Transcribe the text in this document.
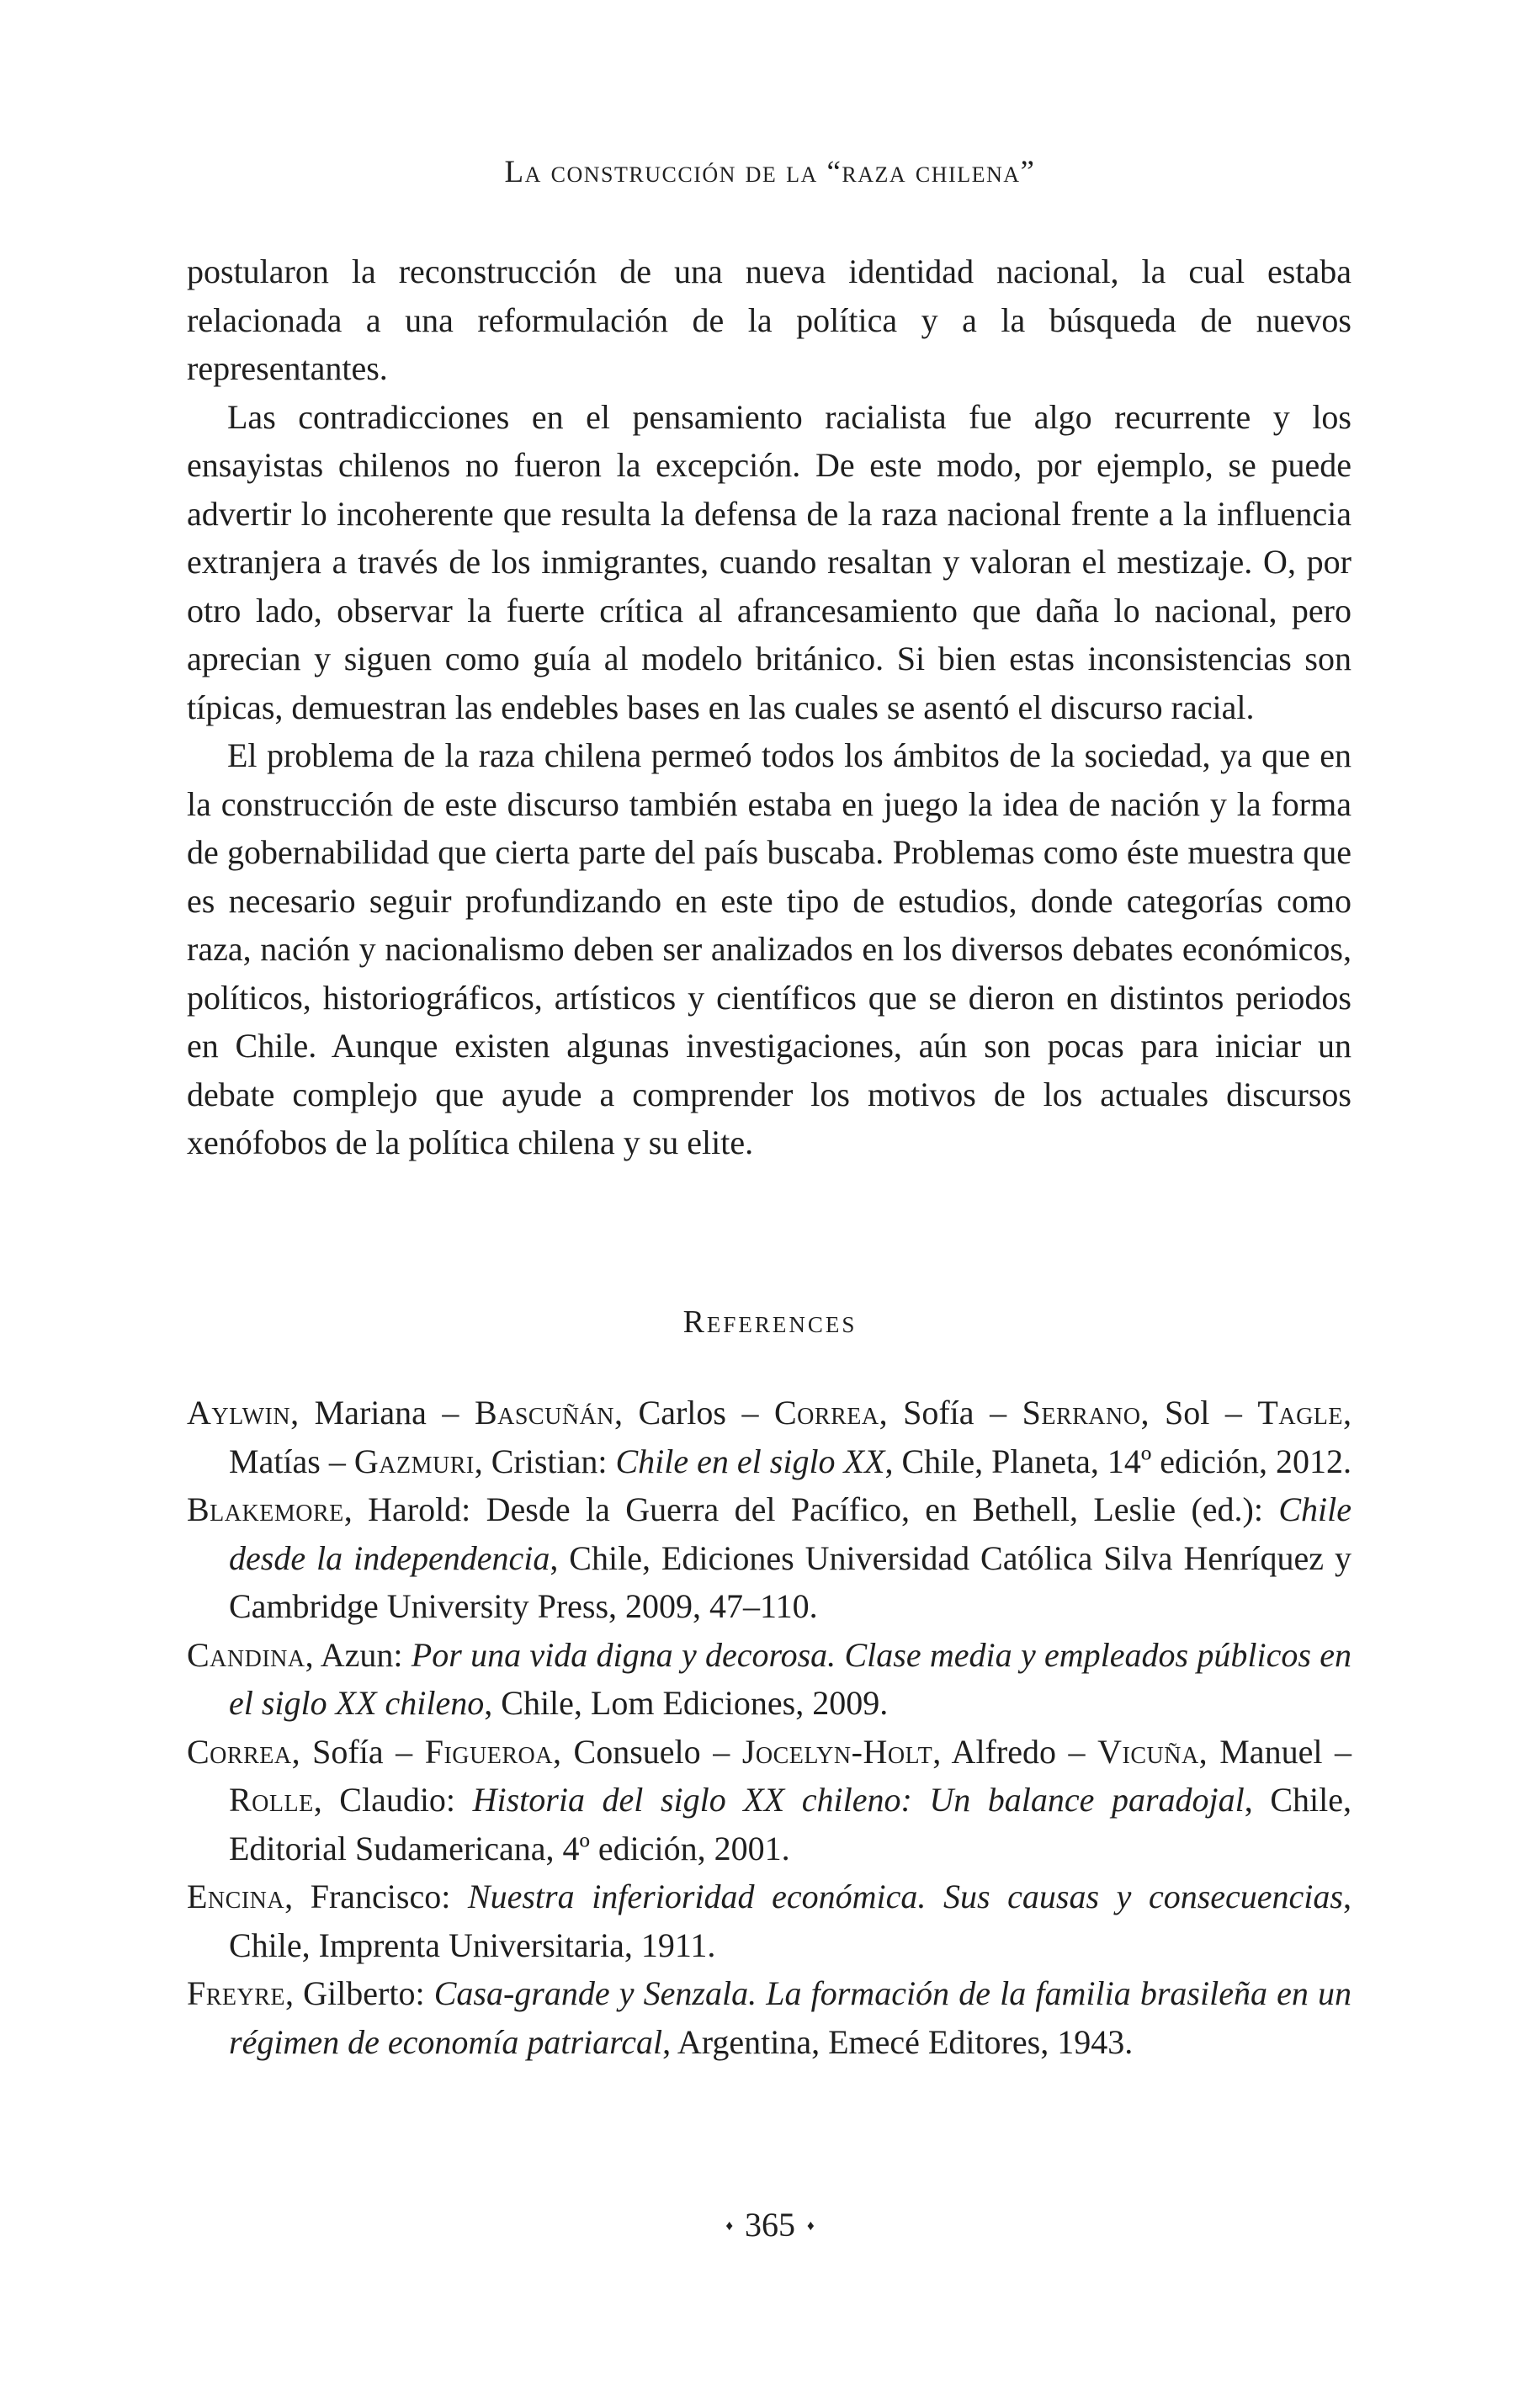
La construcción de la “raza chilena”

postularon la reconstrucción de una nueva identidad nacional, la cual estaba relacionada a una reformulación de la política y a la búsqueda de nuevos representantes.

Las contradicciones en el pensamiento racialista fue algo recurrente y los ensayistas chilenos no fueron la excepción. De este modo, por ejemplo, se puede advertir lo incoherente que resulta la defensa de la raza nacional frente a la influencia extranjera a través de los inmigrantes, cuando resaltan y valoran el mestizaje. O, por otro lado, observar la fuerte crítica al afrancesamiento que daña lo nacional, pero aprecian y siguen como guía al modelo británico. Si bien estas inconsistencias son típicas, demuestran las endebles bases en las cuales se asentó el discurso racial.

El problema de la raza chilena permeó todos los ámbitos de la sociedad, ya que en la construcción de este discurso también estaba en juego la idea de nación y la forma de gobernabilidad que cierta parte del país buscaba. Problemas como éste muestra que es necesario seguir profundizando en este tipo de estudios, donde categorías como raza, nación y nacionalismo deben ser analizados en los diversos debates económicos, políticos, historiográficos, artísticos y científicos que se dieron en distintos periodos en Chile. Aunque existen algunas investigaciones, aún son pocas para iniciar un debate complejo que ayude a comprender los motivos de los actuales discursos xenófobos de la política chilena y su elite.

References

Aylwin, Mariana – Bascuñán, Carlos – Correa, Sofía – Serrano, Sol – Tagle, Matías – Gazmuri, Cristian: Chile en el siglo XX, Chile, Planeta, 14º edición, 2012.

Blakemore, Harold: Desde la Guerra del Pacífico, en Bethell, Leslie (ed.): Chile desde la independencia, Chile, Ediciones Universidad Católica Silva Henríquez y Cambridge University Press, 2009, 47–110.

Candina, Azun: Por una vida digna y decorosa. Clase media y empleados públicos en el siglo XX chileno, Chile, Lom Ediciones, 2009.

Correa, Sofía – Figueroa, Consuelo – Jocelyn-Holt, Alfredo – Vicuña, Manuel – Rolle, Claudio: Historia del siglo XX chileno: Un balance paradojal, Chile, Editorial Sudamericana, 4º edición, 2001.

Encina, Francisco: Nuestra inferioridad económica. Sus causas y consecuencias, Chile, Imprenta Universitaria, 1911.

Freyre, Gilberto: Casa-grande y Senzala. La formación de la familia brasileña en un régimen de economía patriarcal, Argentina, Emecé Editores, 1943.

♦ 365 ♦
